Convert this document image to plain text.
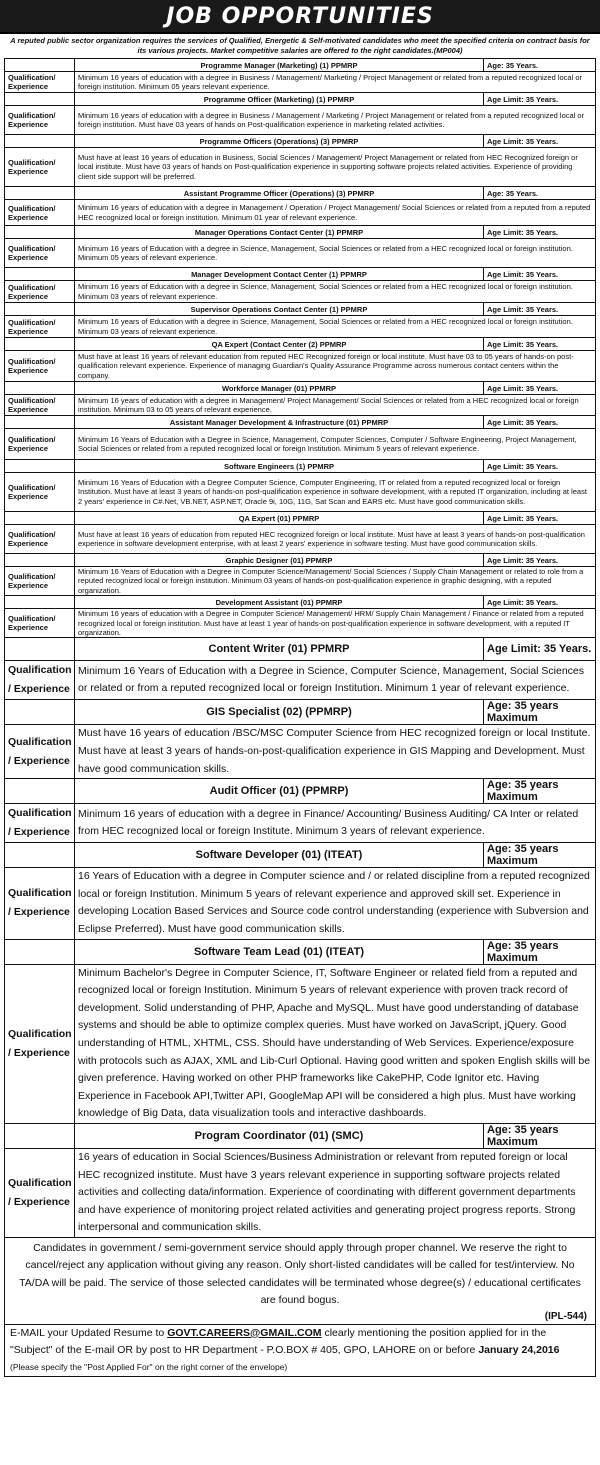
JOB OPPORTUNITIES
A reputed public sector organization requires the services of Qualified, Energetic & Self-motivated candidates who meet the specified criteria on contract basis for its various projects. Market competitive salaries are offered to the right candidates.(MP004)
	Programme Manager (Marketing) (1) PPMRP	Age: 35 Years.
Qualification/ Experience	Minimum 16 years of education with a degree in Business / Management/ Marketing / Project Management or related from a reputed recognized local or foreign institution. Minimum 05 years relevant experience.	
	Programme Officer (Marketing) (1) PPMRP	Age Limit: 35 Years.
Qualification/ Experience	Minimum 16 years of education with a degree in Business / Management / Marketing / Project Management or related from a reputed recognized local or foreign institution. Must have 03 years of hands on Post-qualification experience in marketing related activities.	
	Programme Officers (Operations) (3) PPMRP	Age Limit: 35 Years.
Qualification/ Experience	Must have at least 16 years of education in Business, Social Sciences / Management/ Project Management or related from HEC Recognized foreign or local institute. Must have 03 years of hands on Post-qualification experience in supporting software projects related activities. Experience of providing client side support will be preferred.	
	Assistant Programme Officer (Operations) (3) PPMRP	Age: 35 Years.
Qualification/ Experience	Minimum 16 years of education with a degree in Management / Operation / Project Management/ Social Sciences or related from a reputed from a reputed HEC recognized local or foreign institution. Minimum 01 year of relevant experience.	
	Manager Operations Contact Center (1) PPMRP	Age Limit: 35 Years.
Qualification/ Experience	Minimum 16 years of Education with a degree in Science, Management, Social Sciences or related from a HEC recognized local or foreign institution. Minimum 05 years of relevant experience.	
	Manager Development Contact Center (1) PPMRP	Age Limit: 35 Years.
Qualification/ Experience	Minimum 16 years of Education with a degree in Science, Management, Social Sciences or related from a HEC recognized local or foreign institution. Minimum 03 years of relevant experience.	
	Supervisor Operations Contact Center (1) PPMRP	Age Limit: 35 Years.
Qualification/ Experience	Minimum 16 years of Education with a degree in Science, Management, Social Sciences or related from a HEC recognized local or foreign institution. Minimum 03 years of relevant experience.	
	QA Expert (Contact Center (2) PPMRP	Age Limit: 35 Years.
Qualification/ Experience	Must have at least 16 years of relevant education from reputed HEC Recognized foreign or local institute. Must have 03 to 05 years of hands-on post-qualification relevant experience. Experience of managing Guardian's Quality Assurance Programme across numerous contact centers within the company.	
	Workforce Manager (01) PPMRP	Age Limit: 35 Years.
Qualification/ Experience	Minimum 16 years of education with a degree in Management/ Project Management/ Social Sciences or related from a HEC recognized local or foreign institution. Minimum 03 to 05 years of relevant experience.	
	Assistant Manager Development & Infrastructure (01) PPMRP	Age Limit: 35 Years.
Qualification/ Experience	Minimum 16 Years of Education with a Degree in Science, Management, Computer Sciences, Computer / Software Engineering, Project Management, Social Sciences or related from a reputed recognized local or foreign Institution. Minimum 5 years of relevant experience.	
	Software Engineers (1) PPMRP	Age Limit: 35 Years.
Qualification/ Experience	Minimum 16 Years of Education with a Degree Computer Science, Computer Engineering, IT or related from a reputed recognized local or foreign Institution. Must have at least 3 years of hands-on post-qualification experience in software development, with a reputed IT organization, including at least 2 years' experience in C#.Net, VB.NET, ASP.NET, Oracle 9i, 10G, 11G, Sat Scan and EARS etc. Must have good communication skills.	
	QA Expert (01) PPMRP	Age Limit: 35 Years.
Qualification/ Experience	Must have at least 16 years of education from reputed HEC recognized foreign or local institute. Must have at least 3 years of hands-on post-qualification experience in software development enterprise, with at least 2 years' experience in software testing. Must have good communication skills.	
	Graphic Designer (01) PPMRP	Age Limit: 35 Years.
Qualification/ Experience	Minimum 16 Years of Education with a Degree in Computer Science/Management/ Social Sciences / Supply Chain Management or related to role from a reputed recognized local or foreign institution. Minimum 03 years of hands-on post-qualification experience in graphic designing, with a reputed organization.	
	Development Assistant (01) PPMRP	Age Limit: 35 Years.
Qualification/ Experience	Minimum 16 years of education with a Degree in Computer Science/ Management/ HRM/ Supply Chain Management / Finance or related from a reputed recognized local or foreign institution. Must have at least 1 year of hands-on post-qualification experience in software development, with a reputed IT organization.	
	Content Writer (01) PPMRP	Age Limit: 35 Years.
Qualification / Experience	Minimum 16 Years of Education with a Degree in Science, Computer Science, Management, Social Sciences or related or from a reputed recognized local or foreign Institution. Minimum 1 year of relevant experience.	
	GIS Specialist (02) (PPMRP)	Age: 35 years Maximum
Qualification / Experience	Must have 16 years of education /BSC/MSC Computer Science from HEC recognized foreign or local Institute. Must have at least 3 years of hands-on-post-qualification experience in GIS Mapping and Development. Must have good communication skills.	
	Audit Officer (01) (PPMRP)	Age: 35 years Maximum
Qualification / Experience	Minimum 16 years of education with a degree in Finance/ Accounting/ Business Auditing/ CA Inter or related from HEC recognized local or foreign Institute. Minimum 3 years of relevant experience.	
	Software Developer (01) (ITEAT)	Age: 35 years Maximum
Qualification / Experience	16 Years of Education with a degree in Computer science and / or related discipline from a reputed recognized local or foreign Institution. Minimum 5 years of relevant experience and approved skill set. Experience in developing Location Based Services and Source code control understanding (experience with Subversion and Eclipse Preferred). Must have good communication skills.	
	Software Team Lead (01) (ITEAT)	Age: 35 years Maximum
Qualification / Experience	Minimum Bachelor's Degree in Computer Science, IT, Software Engineer or related field from a reputed and recognized local or foreign Institution. Minimum 5 years of relevant experience with proven track record of development. Solid understanding of PHP, Apache and MySQL. Must have good understanding of database systems and should be able to optimize complex queries. Must have worked on JavaScript, jQuery. Good understanding of HTML, XHTML, CSS. Should have understanding of Web Services. Experience/exposure with protocols such as AJAX, XML and Lib-Curl Optional. Having good written and spoken English skills will be given preference. Having worked on other PHP frameworks like CakePHP, Code Ignitor etc. Having Experience in Facebook API,Twitter API, GoogleMap API will be considered a high plus. Must have working knowledge of Big Data, data visualization tools and interactive dashboards.	
	Program Coordinator (01) (SMC)	Age: 35 years Maximum
Qualification / Experience	16 years of education in Social Sciences/Business Administration or relevant from reputed foreign or local HEC recognized institute. Must have 3 years relevant experience in supporting software projects related activities and collecting data/information. Experience of coordinating with different government departments and have experience of monitoring project related activities and generating project progress reports. Strong interpersonal and communication skills.	
Candidates in government / semi-government service should apply through proper channel. We reserve the right to cancel/reject any application without giving any reason. Only short-listed candidates will be called for test/interview. No TA/DA will be paid. The service of those selected candidates will be terminated whose degree(s) / educational certificates are found bogus.
(IPL-544)
E-MAIL your Updated Resume to GOVT.CAREERS@GMAIL.COM clearly mentioning the position applied for in the "Subject" of the E-mail OR by post to HR Department - P.O.BOX # 405, GPO, LAHORE on or before January 24,2016 (Please specify the "Post Applied For" on the right corner of the envelope)
